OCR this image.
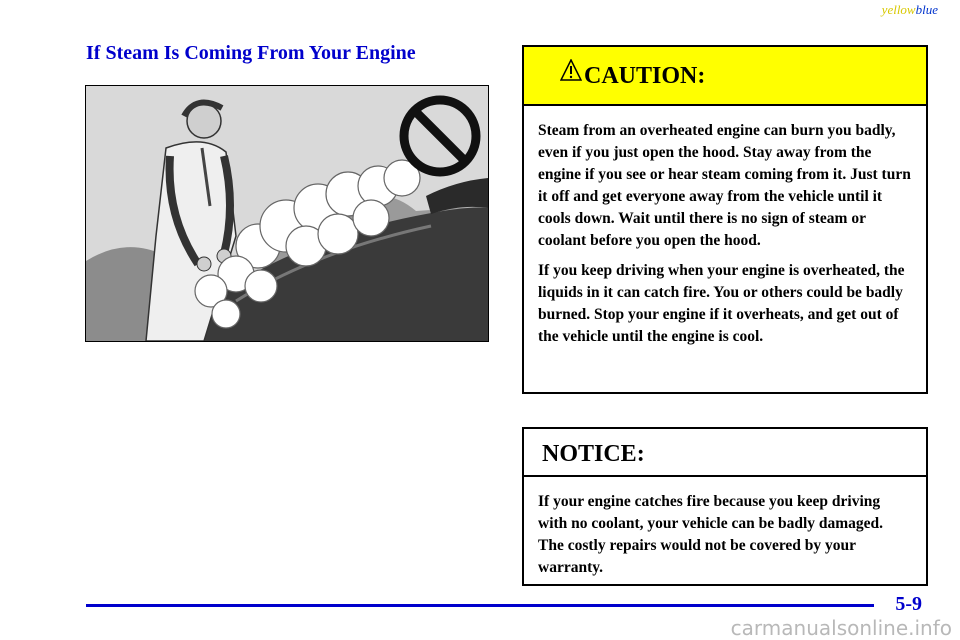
yellowblue
If Steam Is Coming From Your Engine
CAUTION:

Steam from an overheated engine can burn you badly, even if you just open the hood. Stay away from the engine if you see or hear steam coming from it. Just turn it off and get everyone away from the vehicle until it cools down. Wait until there is no sign of steam or coolant before you open the hood.

If you keep driving when your engine is overheated, the liquids in it can catch fire. You or others could be badly burned. Stop your engine if it overheats, and get out of the vehicle until the engine is cool.

NOTICE:

If your engine catches fire because you keep driving with no coolant, your vehicle can be badly damaged. The costly repairs would not be covered by your warranty.

5-9
carmanualsonline.info
